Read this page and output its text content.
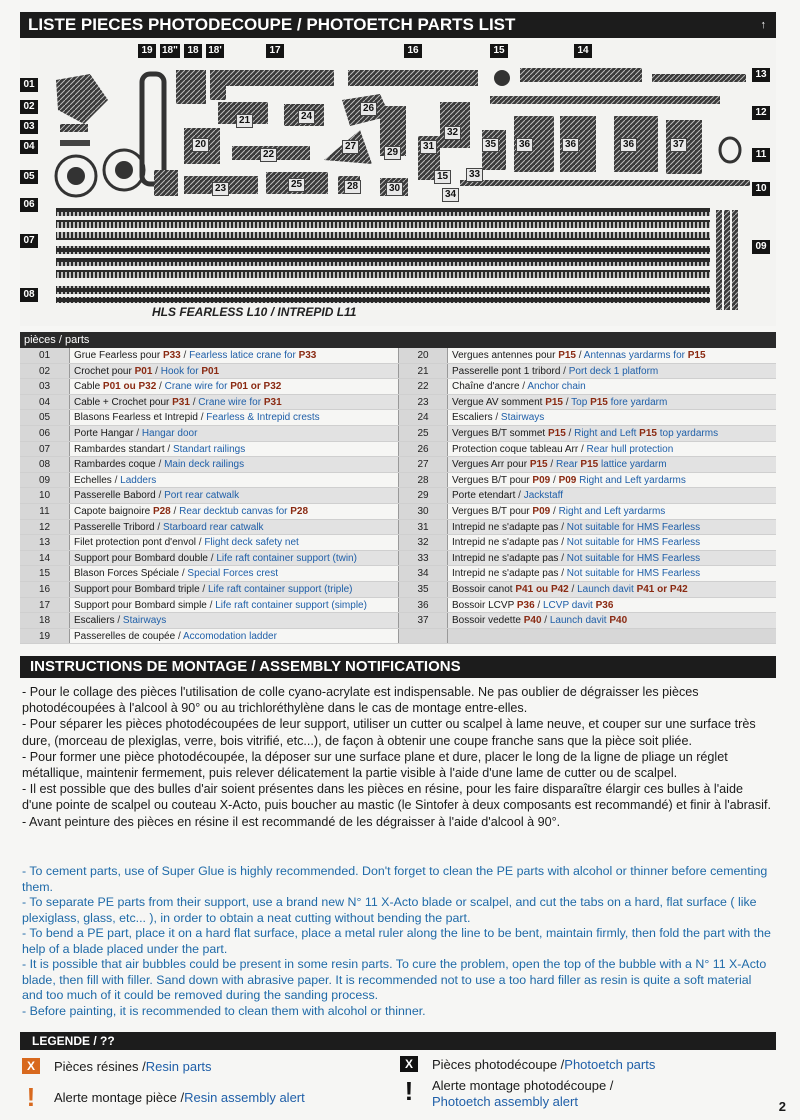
LISTE PIECES PHOTODECOUPE / PHOTOETCH PARTS LIST	↑
19 18" 18 18'	17	16	15	14
01
02
03
04
05
06
07
08
13
12
11
10
09
20
21
22
23
24
25
26
27
28
29
30
31
32
33
34
35	36	36	36	37
15
HLS FEARLESS L10 / INTREPID L11
pièces / parts
01	Grue Fearless pour P33 / Fearless latice crane for P33
02	Crochet pour P01 / Hook for P01
03	Cable P01 ou P32 / Crane wire for P01 or P32
04	Cable + Crochet pour P31 / Crane wire for P31
05	Blasons Fearless et Intrepid / Fearless & Intrepid crests
06	Porte Hangar / Hangar door
07	Rambardes standart / Standart railings
08	Rambardes coque / Main deck railings
09	Echelles / Ladders
10	Passerelle Babord / Port rear catwalk
11	Capote baignoire P28 / Rear decktub canvas for P28
12	Passerelle Tribord / Starboard rear catwalk
13	Filet protection pont d'envol / Flight deck safety net
14	Support pour Bombard double / Life raft container support (twin)
15	Blason Forces Spéciale / Special Forces crest
16	Support pour Bombard triple / Life raft container support (triple)
17	Support pour Bombard simple / Life raft container support (simple)
18	Escaliers / Stairways
19	Passerelles de coupée / Accomodation ladder
20	Vergues antennes pour P15 / Antennas yardarms for P15
21	Passerelle pont 1 tribord / Port deck 1 platform
22	Chaîne d'ancre / Anchor chain
23	Vergue AV somment P15 / Top P15 fore yardarm
24	Escaliers / Stairways
25	Vergues B/T sommet P15 / Right and Left P15 top yardarms
26	Protection coque tableau Arr / Rear hull protection
27	Vergues Arr pour P15 / Rear P15 lattice yardarm
28	Vergues B/T pour P09 / P09 Right and Left yardarms
29	Porte etendart / Jackstaff
30	Vergues B/T pour P09 / Right and Left yardarms
31	Intrepid ne s'adapte pas / Not suitable for HMS Fearless
32	Intrepid ne s'adapte pas / Not suitable for HMS Fearless
33	Intrepid ne s'adapte pas / Not suitable for HMS Fearless
34	Intrepid ne s'adapte pas / Not suitable for HMS Fearless
35	Bossoir canot P41 ou P42 / Launch davit P41 or P42
36	Bossoir LCVP P36 / LCVP davit P36
37	Bossoir vedette P40 / Launch davit P40
INSTRUCTIONS DE MONTAGE / ASSEMBLY NOTIFICATIONS

- Pour le collage des pièces l'utilisation de colle cyano-acrylate est indispensable. Ne pas oublier de dégraisser les pièces photodécoupées à l'alcool à 90° ou au trichloréthylène dans le cas de montage entre-elles.

- Pour séparer les pièces photodécoupées de leur support, utiliser un cutter ou scalpel à lame neuve, et couper sur une surface très dure, (morceau de plexiglas, verre, bois vitrifié, etc...), de façon à obtenir une coupe franche sans que la pièce soit pliée.

- Pour former une pièce photodécoupée, la déposer sur une surface plane et dure, placer le long de la ligne de pliage un réglet métallique, maintenir fermement, puis relever délicatement la partie visible à l'aide d'une lame de cutter ou de scalpel.

- Il est possible que des bulles d'air soient présentes dans les pièces en résine, pour les faire disparaître élargir ces bulles à l'aide d'une pointe de scalpel ou couteau X-Acto, puis boucher au mastic (le Sintofer à deux composants est recommandé) et finir à l'abrasif.

- Avant peinture des pièces en résine il est recommandé de les dégraisser à l'aide d'alcool à 90°.

- To cement parts, use of Super Glue is highly recommended. Don't forget to clean the PE parts with alcohol or thinner before cementing them.

- To separate PE parts from their support, use a brand new N° 11 X-Acto blade or scalpel, and cut the tabs on a hard, flat surface ( like plexiglass, glass, etc... ), in order to obtain a neat cutting without bending the part.

- To bend a PE part, place it on a hard flat surface, place a metal ruler along the line to be bent, maintain firmly, then fold the part with the help of a blade placed under the part.

- It is possible that air bubbles could be present in some resin parts. To cure the problem, open the top of the bubble with a N° 11 X-Acto blade, then fill with filler. Sand down with abrasive paper. It is recommended not to use a too hard filler as resin is quite a soft material and too much of it could be removed during the sanding process.

- Before painting, it is recommended to clean them with alcohol or thinner.

LEGENDE / ??
X	Pièces résines / Resin parts
!	Alerte montage pièce / Resin assembly alert
X	Pièces photodécoupe / Photoetch parts
!	Alerte montage photodécoupe /
Photoetch assembly alert	2
